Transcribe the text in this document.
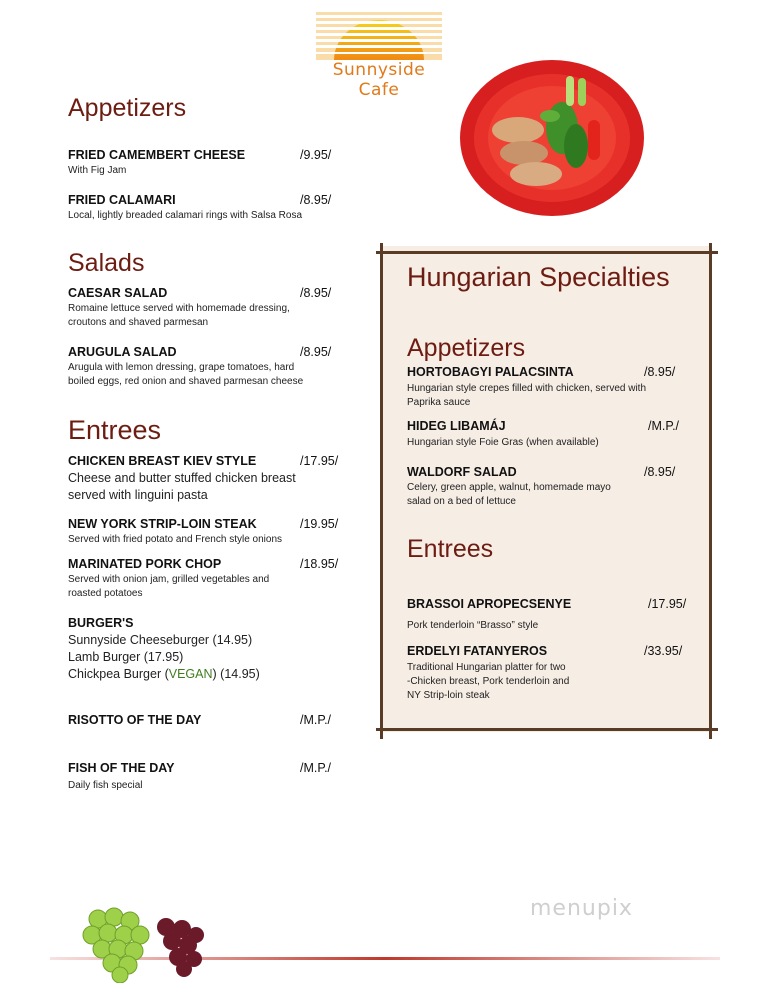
Sunnyside Cafe
Appetizers
FRIED CAMEMBERT CHEESE	/9.95/
With Fig Jam
FRIED CALAMARI	/8.95/
Local, lightly breaded calamari rings with Salsa Rosa
Salads
CAESAR SALAD	/8.95/
Romaine lettuce served with homemade dressing,
croutons and shaved parmesan
ARUGULA SALAD	/8.95/
Arugula with lemon dressing, grape tomatoes, hard
boiled eggs, red onion and shaved parmesan cheese
Entrees
CHICKEN BREAST KIEV STYLE	/17.95/
Cheese and butter stuffed chicken breast
served with linguini pasta
NEW YORK STRIP-LOIN STEAK	/19.95/
Served with fried potato and French style onions
MARINATED PORK CHOP	/18.95/
Served with onion jam, grilled vegetables and
roasted potatoes
BURGER'S
Sunnyside Cheeseburger (14.95)
Lamb Burger (17.95)
Chickpea Burger (VEGAN) (14.95)
RISOTTO OF THE DAY	/M.P./
FISH OF THE DAY	/M.P./
Daily fish special
Hungarian Specialties
Appetizers
HORTOBAGYI PALACSINTA	/8.95/
Hungarian style crepes filled with chicken, served with
Paprika sauce
HIDEG LIBAMÁJ	/M.P./
Hungarian style Foie Gras (when available)
WALDORF SALAD	/8.95/
Celery, green apple, walnut, homemade mayo
salad on a bed of lettuce
Entrees
BRASSOI APROPECSENYE	/17.95/
Pork tenderloin “Brasso” style
ERDELYI FATANYEROS	/33.95/
Traditional Hungarian platter for two
-Chicken breast, Pork tenderloin and
NY Strip-loin steak
menupix
